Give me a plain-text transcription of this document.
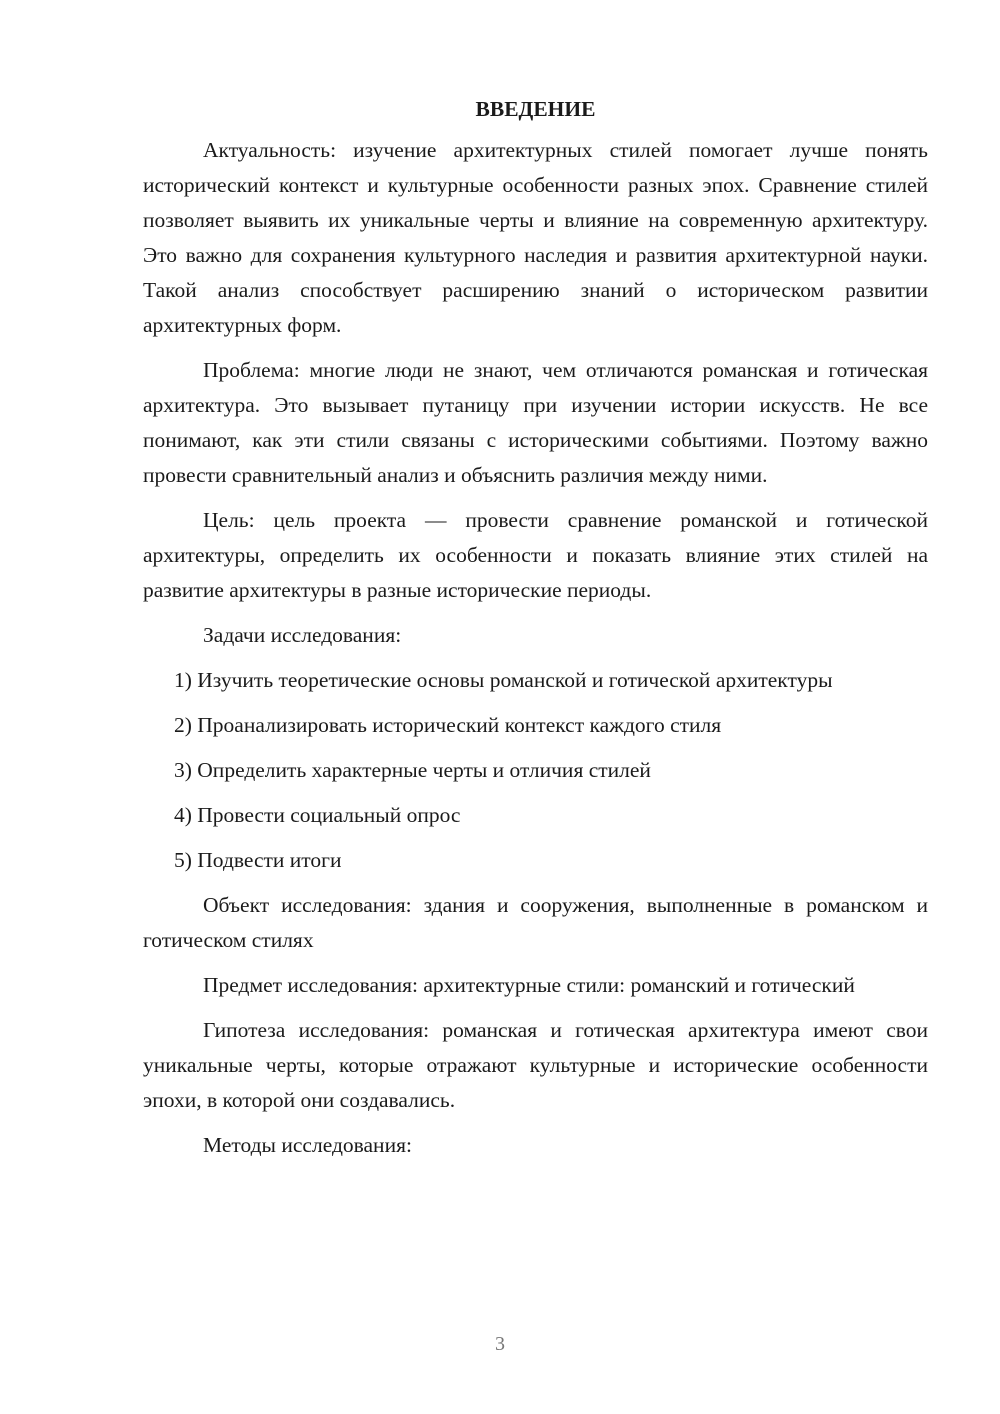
ВВЕДЕНИЕ
Актуальность: изучение архитектурных стилей помогает лучше понять исторический контекст и культурные особенности разных эпох. Сравнение стилей позволяет выявить их уникальные черты и влияние на современную архитектуру. Это важно для сохранения культурного наследия и развития архитектурной науки. Такой анализ способствует расширению знаний о историческом развитии архитектурных форм.
Проблема: многие люди не знают, чем отличаются романская и готическая архитектура. Это вызывает путаницу при изучении истории искусств. Не все понимают, как эти стили связаны с историческими событиями. Поэтому важно провести сравнительный анализ и объяснить различия между ними.
Цель: цель проекта — провести сравнение романской и готической архитектуры, определить их особенности и показать влияние этих стилей на развитие архитектуры в разные исторические периоды.
Задачи исследования:
1) Изучить теоретические основы романской и готической архитектуры
2) Проанализировать исторический контекст каждого стиля
3) Определить характерные черты и отличия стилей
4) Провести социальный опрос
5) Подвести итоги
Объект исследования: здания и сооружения, выполненные в романском и готическом стилях
Предмет исследования: архитектурные стили: романский и готический
Гипотеза исследования: романская и готическая архитектура имеют свои уникальные черты, которые отражают культурные и исторические особенности эпохи, в которой они создавались.
Методы исследования:
3
